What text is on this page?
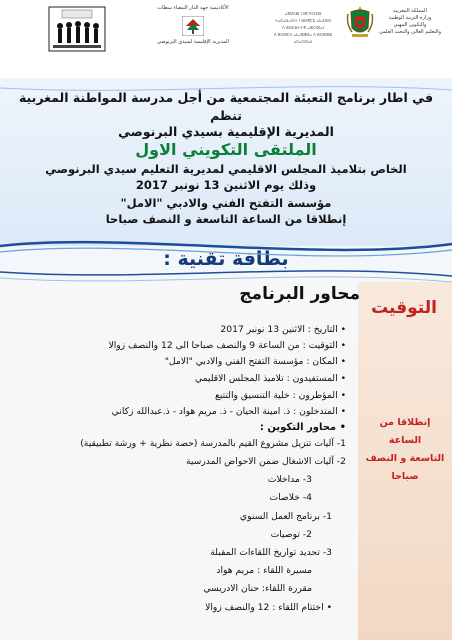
الأكاديمية جهة الدار البيضاء سطات
المديرية الإقليمية لسيدي البرنوصي
ⴰⴳⵍⴷⵓⵏ ⵏ ⵍⵎⵖⵔⵉⴱ
ⵜⴰⵎⴰⵡⴰⵙⵜ ⵏ ⵓⵙⴳⵎⵉ ⴰⵏⴰⵎⵓⵔ
ⴷ ⵓⵙⵎⵓⵜⵜⴳ ⴰⵣⵔⴼⴰⵏ
ⴷ ⵓⵙⵍⵎⴷ ⴰⵏⴰⴼⵍⵍⴰ ⴷ ⵓⵔⵣⵣⵓ ⴰⵎⴰⵙⵙⴰⵏ
المملكة المغربية
وزارة التربية الوطنية
والتكوين المهني
والتعليم العالي والبحث العلمي
في اطار برنامج التعبئة المجتمعية من أجل مدرسة المواطنة المغربية
تنظم
المديرية الإقليمية بسيدي البرنوصي
الملتقى التكويني الاول
الخاص بتلاميذ المجلس الاقليمي لمديرية التعليم سيدي البرنوصي
وذلك يوم الاثنين 13 نونبر 2017
مؤسسة التفتح الفني والادبي "الامل"
إنطلاقا من الساعة التاسعة و النصف صباحا
بطاقة تقنية :
التوقيت
إنطلاقا من الساعة
التاسعة و النصف صباحا
محاور البرنامج
• التاريخ : الاثنين 13 نونبر 2017
• التوقيت : من الساعة 9 والنصف صباحا الى 12 والنصف زوالا
• المكان : مؤسسة التفتح الفني والادبي "الامل"
• المستفيدون : تلاميذ المجلس الاقليمي
• المؤطرون : خلية التنسيق والتتبع
• المتدخلون : ذ. امينة الحيان - ذ. مريم هواد - ذ.عبدالله زكاني
• محاور التكوين :
1- آليات تنزيل مشروع القيم بالمدرسة (حصة نظرية + ورشة تطبيقية)
2- آليات الاشغال ضمن الاحواض المدرسية
3- مداخلات
4- خلاصات
1- برنامج العمل السنوي
2- توصيات
3- تحديد تواريخ اللقاءات المقبلة
مسيرة اللقاء : مريم هواد
مقررة اللقاء: حنان الادريسي
• اختتام اللقاء : 12 والنصف زوالا
